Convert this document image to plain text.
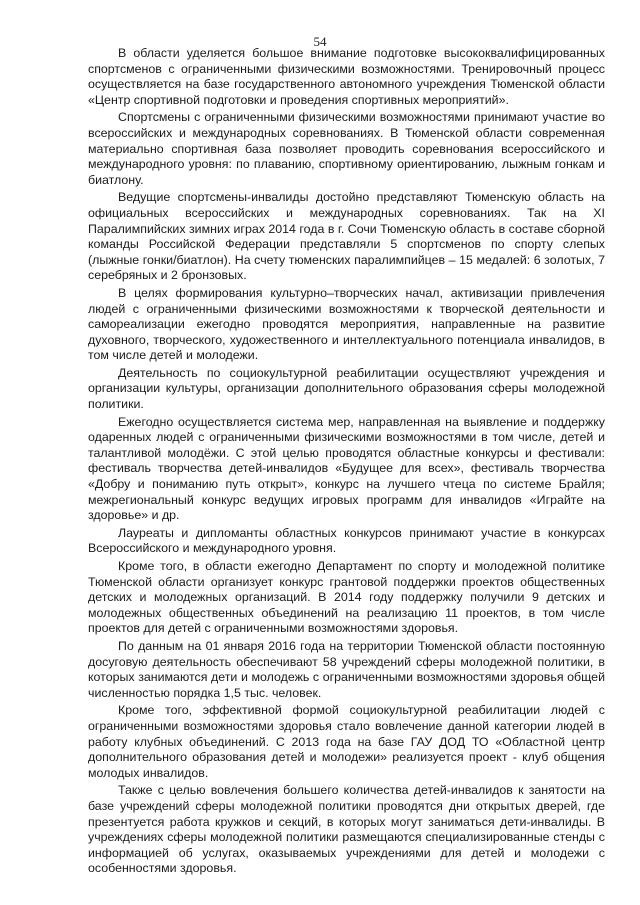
54

В области уделяется большое внимание подготовке высококвалифицированных спортсменов с ограниченными физическими возможностями. Тренировочный процесс осуществляется на базе государственного автономного учреждения Тюменской области «Центр спортивной подготовки и проведения спортивных мероприятий».

Спортсмены с ограниченными физическими возможностями принимают участие во всероссийских и международных соревнованиях. В Тюменской области современная материально спортивная база позволяет проводить соревнования всероссийского и международного уровня: по плаванию, спортивному ориентированию, лыжным гонкам и биатлону.

Ведущие спортсмены-инвалиды достойно представляют Тюменскую область на официальных всероссийских и международных соревнованиях. Так на XI Паралимпийских зимних играх 2014 года в г. Сочи Тюменскую область в составе сборной команды Российской Федерации представляли 5 спортсменов по спорту слепых (лыжные гонки/биатлон). На счету тюменских паралимпийцев – 15 медалей: 6 золотых, 7 серебряных и 2 бронзовых.

В целях формирования культурно–творческих начал, активизации привлечения людей с ограниченными физическими возможностями к творческой деятельности и самореализации ежегодно проводятся мероприятия, направленные на развитие духовного, творческого, художественного и интеллектуального потенциала инвалидов, в том числе детей и молодежи.

Деятельность по социокультурной реабилитации осуществляют учреждения и организации культуры, организации дополнительного образования сферы молодежной политики.

Ежегодно осуществляется система мер, направленная на выявление и поддержку одаренных людей с ограниченными физическими возможностями в том числе, детей и талантливой молодёжи. С этой целью проводятся областные конкурсы и фестивали: фестиваль творчества детей-инвалидов «Будущее для всех», фестиваль творчества «Добру и пониманию путь открыт», конкурс на лучшего чтеца по системе Брайля; межрегиональный конкурс ведущих игровых программ для инвалидов «Играйте на здоровье» и др.

Лауреаты и дипломанты областных конкурсов принимают участие в конкурсах Всероссийского и международного уровня.

Кроме того, в области ежегодно Департамент по спорту и молодежной политике Тюменской области организует конкурс грантовой поддержки проектов общественных детских и молодежных организаций. В 2014 году поддержку получили 9 детских и молодежных общественных объединений на реализацию 11 проектов, в том числе проектов для детей с ограниченными возможностями здоровья.

По данным на 01 января 2016 года на территории Тюменской области постоянную досуговую деятельность обеспечивают 58 учреждений сферы молодежной политики, в которых занимаются дети и молодежь с ограниченными возможностями здоровья общей численностью порядка 1,5 тыс. человек.

Кроме того, эффективной формой социокультурной реабилитации людей с ограниченными возможностями здоровья стало вовлечение данной категории людей в работу клубных объединений. С 2013 года на базе ГАУ ДОД ТО «Областной центр дополнительного образования детей и молодежи» реализуется проект - клуб общения молодых инвалидов.

Также с целью вовлечения большего количества детей-инвалидов к занятости на базе учреждений сферы молодежной политики проводятся дни открытых дверей, где презентуется работа кружков и секций, в которых могут заниматься дети-инвалиды. В учреждениях сферы молодежной политики размещаются специализированные стенды с информацией об услугах, оказываемых учреждениями для детей и молодежи с особенностями здоровья.
